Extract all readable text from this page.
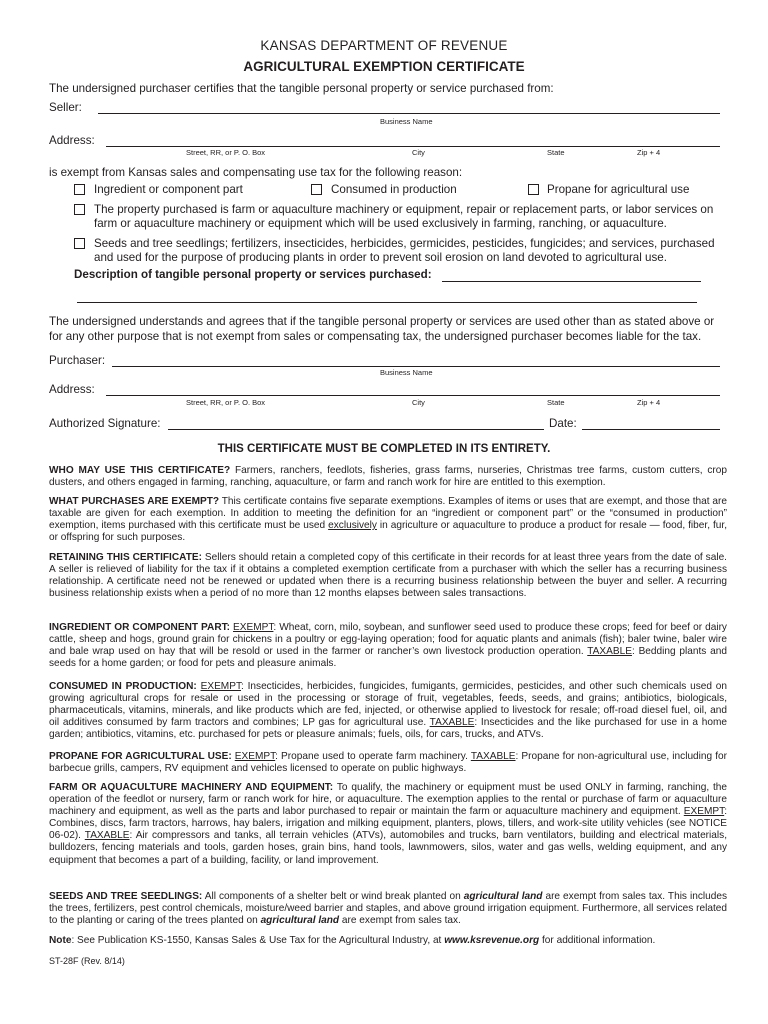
KANSAS DEPARTMENT OF REVENUE
AGRICULTURAL EXEMPTION CERTIFICATE
The undersigned purchaser certifies that the tangible personal property or service purchased from:
Seller:
Business Name
Address:
Street, RR, or P. O. Box	City	State	Zip + 4
is exempt from Kansas sales and compensating use tax for the following reason:
Ingredient or component part	Consumed in production	Propane for agricultural use
The property purchased is farm or aquaculture machinery or equipment, repair or replacement parts, or labor services on
farm or aquaculture machinery or equipment which will be used exclusively in farming, ranching, or aquaculture.
Seeds and tree seedlings; fertilizers, insecticides, herbicides, germicides, pesticides, fungicides; and services, purchased
and used for the purpose of producing plants in order to prevent soil erosion on land devoted to agricultural use.
Description of tangible personal property or services purchased:
The undersigned understands and agrees that if the tangible personal property or services are used other than as stated above or
for any other purpose that is not exempt from sales or compensating tax, the undersigned purchaser becomes liable for the tax.
Purchaser:
Business Name
Address:
Street, RR, or P. O. Box	City	State	Zip + 4
Authorized Signature:	Date:
THIS CERTIFICATE MUST BE COMPLETED IN ITS ENTIRETY.
WHO MAY USE THIS CERTIFICATE? Farmers, ranchers, feedlots, fisheries, grass farms, nurseries, Christmas tree farms, custom cutters, crop dusters, and others engaged in farming, ranching, aquaculture, or farm and ranch work for hire are entitled to this exemption.
WHAT PURCHASES ARE EXEMPT? This certificate contains five separate exemptions. Examples of items or uses that are exempt, and those that are taxable are given for each exemption. In addition to meeting the definition for an “ingredient or component part” or the “consumed in production” exemption, items purchased with this certificate must be used exclusively in agriculture or aquaculture to produce a product for resale — food, fiber, fur, or offspring for such purposes.
RETAINING THIS CERTIFICATE: Sellers should retain a completed copy of this certificate in their records for at least three years from the date of sale. A seller is relieved of liability for the tax if it obtains a completed exemption certificate from a purchaser with which the seller has a recurring business relationship. A certificate need not be renewed or updated when there is a recurring business relationship between the buyer and seller. A recurring business relationship exists when a period of no more than 12 months elapses between sales transactions.
INGREDIENT OR COMPONENT PART: EXEMPT: Wheat, corn, milo, soybean, and sunflower seed used to produce these crops; feed for beef or dairy cattle, sheep and hogs, ground grain for chickens in a poultry or egg-laying operation; food for aquatic plants and animals (fish); baler twine, baler wire and bale wrap used on hay that will be resold or used in the farmer or rancher’s own livestock production operation. TAXABLE: Bedding plants and seeds for a home garden; or food for pets and pleasure animals.
CONSUMED IN PRODUCTION: EXEMPT: Insecticides, herbicides, fungicides, fumigants, germicides, pesticides, and other such chemicals used on growing agricultural crops for resale or used in the processing or storage of fruit, vegetables, feeds, seeds, and grains; antibiotics, biologicals, pharmaceuticals, vitamins, minerals, and like products which are fed, injected, or otherwise applied to livestock for resale; off-road diesel fuel, oil, and oil additives consumed by farm tractors and combines; LP gas for agricultural use. TAXABLE: Insecticides and the like purchased for use in a home garden; antibiotics, vitamins, etc. purchased for pets or pleasure animals; fuels, oils, for cars, trucks, and ATVs.
PROPANE FOR AGRICULTURAL USE: EXEMPT: Propane used to operate farm machinery. TAXABLE: Propane for non-agricultural use, including for barbecue grills, campers, RV equipment and vehicles licensed to operate on public highways.
FARM OR AQUACULTURE MACHINERY AND EQUIPMENT: To qualify, the machinery or equipment must be used ONLY in farming, ranching, the operation of the feedlot or nursery, farm or ranch work for hire, or aquaculture. The exemption applies to the rental or purchase of farm or aquaculture machinery and equipment, as well as the parts and labor purchased to repair or maintain the farm or aquaculture machinery and equipment. EXEMPT: Combines, discs, farm tractors, harrows, hay balers, irrigation and milking equipment, planters, plows, tillers, and work-site utility vehicles (see NOTICE 06-02). TAXABLE: Air compressors and tanks, all terrain vehicles (ATVs), automobiles and trucks, barn ventilators, building and electrical materials, bulldozers, fencing materials and tools, garden hoses, grain bins, hand tools, lawnmowers, silos, water and gas wells, welding equipment, and any equipment that becomes a part of a building, facility, or land improvement.
SEEDS AND TREE SEEDLINGS: All components of a shelter belt or wind break planted on agricultural land are exempt from sales tax. This includes the trees, fertilizers, pest control chemicals, moisture/weed barrier and staples, and above ground irrigation equipment. Furthermore, all services related to the planting or caring of the trees planted on agricultural land are exempt from sales tax.
Note: See Publication KS-1550, Kansas Sales & Use Tax for the Agricultural Industry, at www.ksrevenue.org for additional information.
ST-28F (Rev. 8/14)
